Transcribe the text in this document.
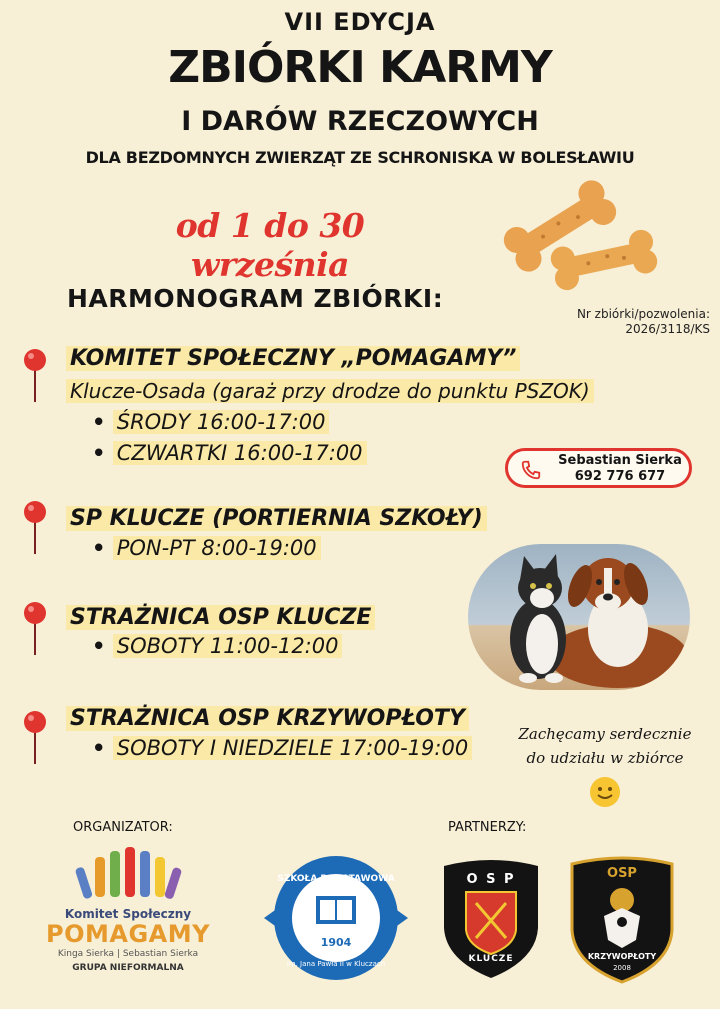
VII EDYCJA
ZBIÓRKI KARMY
I DARÓW RZECZOWYCH
DLA BEZDOMNYCH ZWIERZĄT ZE SCHRONISKA W BOLESŁAWIU
od 1 do 30 września
HARMONOGRAM ZBIÓRKI:
Nr zbiórki/pozwolenia:
2026/3118/KS
KOMITET SPOŁECZNY „POMAGAMY”
Klucze-Osada (garaż przy drodze do punktu PSZOK)
• ŚRODY 16:00-17:00
• CZWARTKI 16:00-17:00	Sebastian Sierka
692 776 677
SP KLUCZE (PORTIERNIA SZKOŁY)
• PON-PT 8:00-19:00
STRAŻNICA OSP KLUCZE
• SOBOTY 11:00-12:00
STRAŻNICA OSP KRZYWOPŁOTY
• SOBOTY I NIEDZIELE 17:00-19:00
Zachęcamy serdecznie
do udziału w zbiórce
ORGANIZATOR:	PARTNERZY:
Komitet Społeczny
POMAGAMY
Kinga Sierka | Sebastian Sierka
GRUPA NIEFORMALNA
SZKOŁA PODSTAWOWA
1904
im. Jana Pawła II w Kluczach
O S P
KLUCZE
OSP
KRZYWOPŁOTY
2008
